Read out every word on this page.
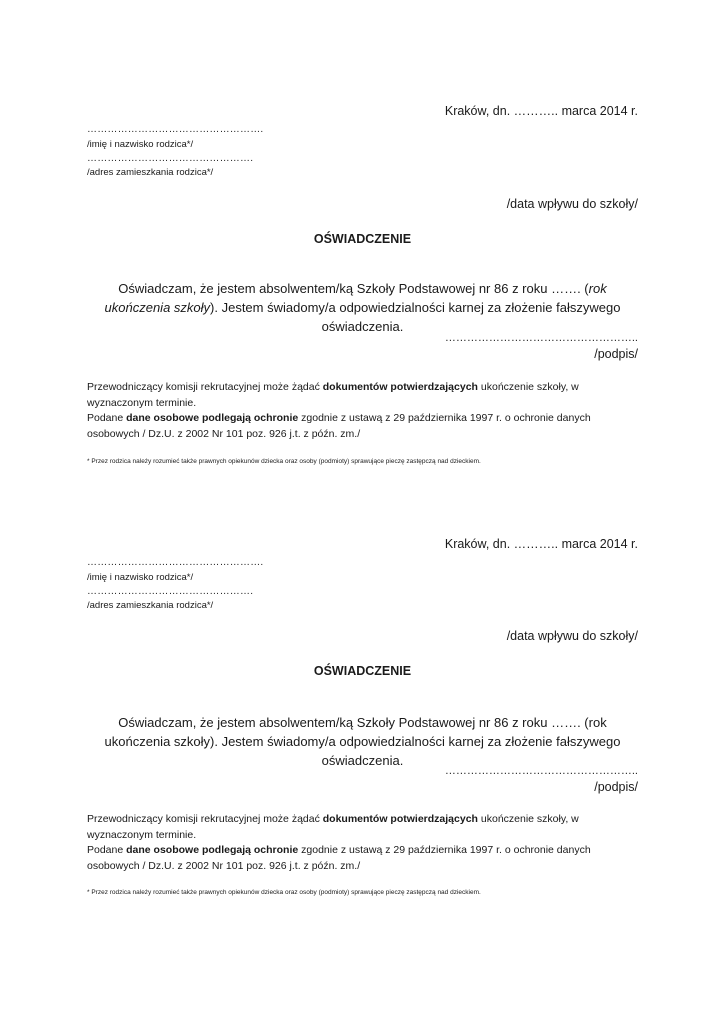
Kraków, dn. ……….. marca 2014 r.
…………………………………………….
/imię i nazwisko rodzica*/
………………………………………….
/adres zamieszkania rodzica*/
/data wpływu do szkoły/
OŚWIADCZENIE
Oświadczam, że jestem absolwentem/ką Szkoły Podstawowej nr 86 z roku ……. (rok ukończenia szkoły). Jestem świadomy/a odpowiedzialności karnej za złożenie fałszywego oświadczenia.
……………………………………………..
/podpis/
Przewodniczący komisji rekrutacyjnej może żądać dokumentów potwierdzających ukończenie szkoły, w wyznaczonym terminie.
Podane dane osobowe podlegają ochronie zgodnie z ustawą z 29 października 1997 r. o ochronie danych osobowych / Dz.U. z 2002 Nr 101 poz. 926 j.t. z późn. zm./
* Przez rodzica należy rozumieć także prawnych opiekunów dziecka oraz osoby (podmioty) sprawujące pieczę zastępczą nad dzieckiem.
Kraków, dn. ……….. marca 2014 r.
…………………………………………….
/imię i nazwisko rodzica*/
………………………………………….
/adres zamieszkania rodzica*/
/data wpływu do szkoły/
OŚWIADCZENIE
Oświadczam, że jestem absolwentem/ką Szkoły Podstawowej nr 86 z roku ……. (rok ukończenia szkoły). Jestem świadomy/a odpowiedzialności karnej za złożenie fałszywego oświadczenia.
……………………………………………..
/podpis/
Przewodniczący komisji rekrutacyjnej może żądać dokumentów potwierdzających ukończenie szkoły, w wyznaczonym terminie.
Podane dane osobowe podlegają ochronie zgodnie z ustawą z 29 października 1997 r. o ochronie danych osobowych / Dz.U. z 2002 Nr 101 poz. 926 j.t. z późn. zm./
* Przez rodzica należy rozumieć także prawnych opiekunów dziecka oraz osoby (podmioty) sprawujące pieczę zastępczą nad dzieckiem.
